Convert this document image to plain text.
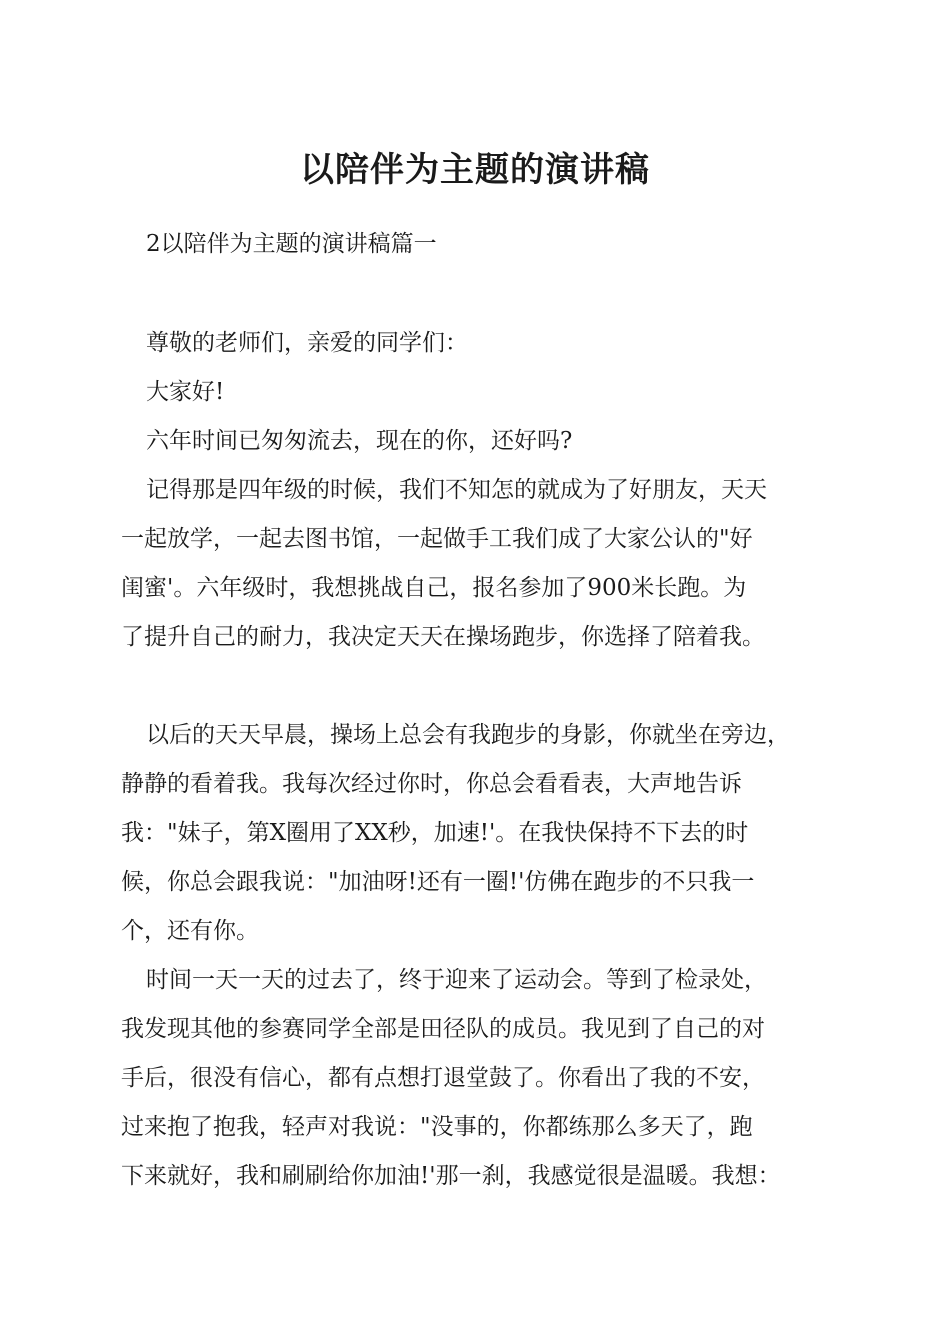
以陪伴为主题的演讲稿
2以陪伴为主题的演讲稿篇一
尊敬的老师们，亲爱的同学们：
大家好!
六年时间已匆匆流去，现在的你，还好吗?
记得那是四年级的时候，我们不知怎的就成为了好朋友，天天
一起放学，一起去图书馆，一起做手工我们成了大家公认的"好
闺蜜'。六年级时，我想挑战自己，报名参加了900米长跑。为
了提升自己的耐力，我决定天天在操场跑步，你选择了陪着我。
以后的天天早晨，操场上总会有我跑步的身影，你就坐在旁边，
静静的看着我。我每次经过你时，你总会看看表，大声地告诉
我："妹子，第X圈用了XX秒，加速!'。在我快保持不下去的时
候，你总会跟我说："加油呀!还有一圈!'仿佛在跑步的不只我一
个，还有你。
时间一天一天的过去了，终于迎来了运动会。等到了检录处，
我发现其他的参赛同学全部是田径队的成员。我见到了自己的对
手后，很没有信心，都有点想打退堂鼓了。你看出了我的不安，
过来抱了抱我，轻声对我说："没事的，你都练那么多天了，跑
下来就好，我和刷刷给你加油!'那一刹，我感觉很是温暖。我想：
